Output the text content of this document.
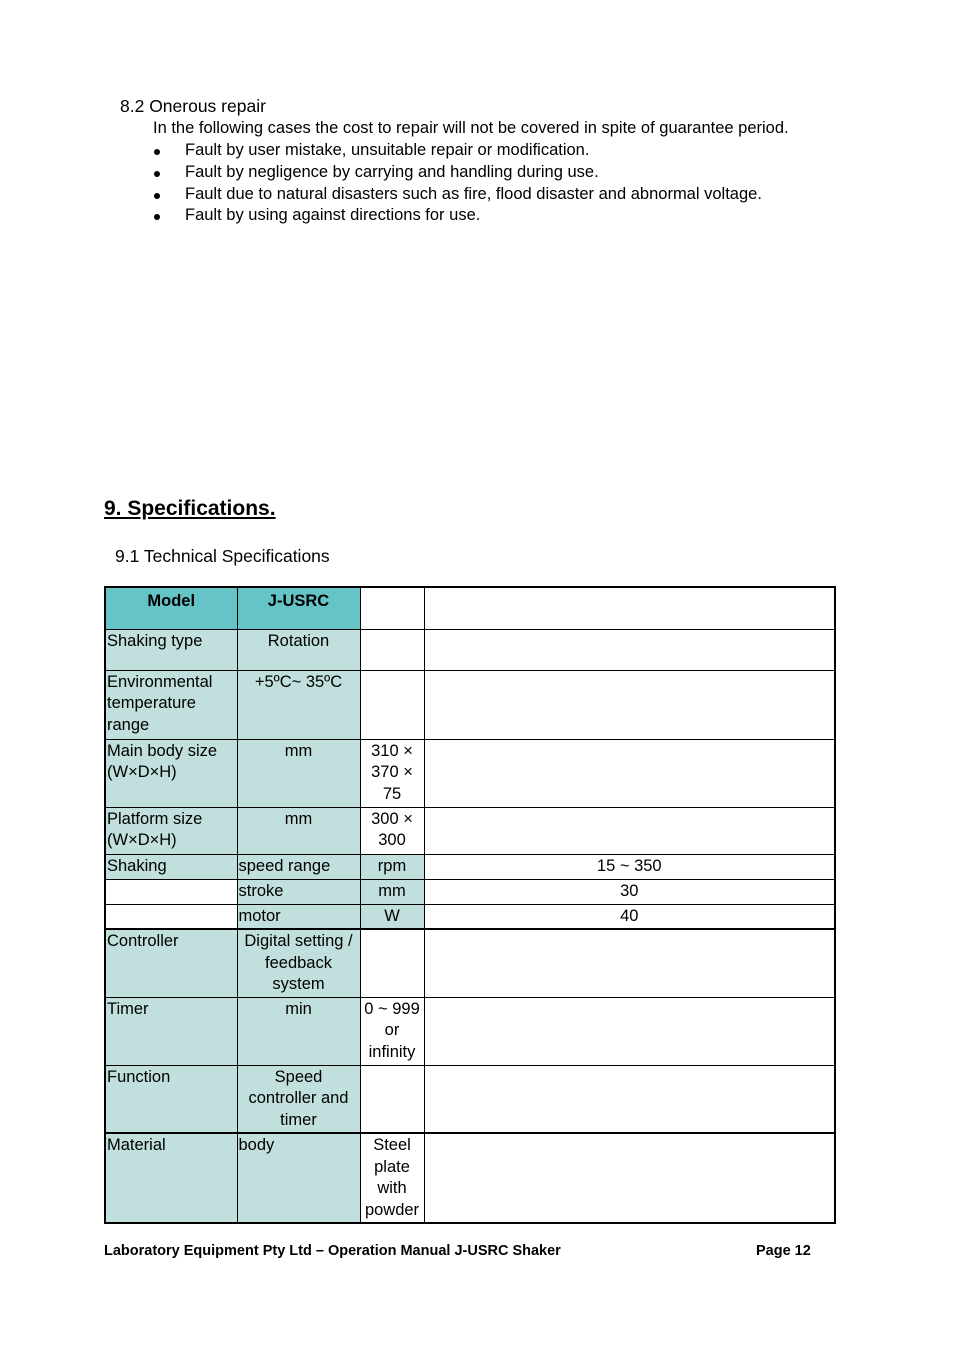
8.2 Onerous repair
In the following cases the cost to repair will not be covered in spite of guarantee period.
Fault by user mistake, unsuitable repair or modification.
Fault by negligence by carrying and handling during use.
Fault due to natural disasters such as fire, flood disaster and abnormal voltage.
Fault by using against directions for use.
9. Specifications.
9.1 Technical Specifications
Model	J-USRC		
Shaking type	Rotation		
Environmental temperature range	+5ºC~ 35ºC		
Main body size (W×D×H)	mm	310 × 370 × 75	
Platform size (W×D×H)	mm	300 × 300	
Shaking	speed range	rpm	15 ~ 350
	stroke	mm	30
	motor	W	40
Controller	Digital setting / feedback system		
Timer	min	0 ~ 999 or infinity	
Function	Speed controller and timer		
Material	body	Steel plate with powder	
Laboratory Equipment Pty Ltd – Operation Manual J-USRC Shaker	Page 12
